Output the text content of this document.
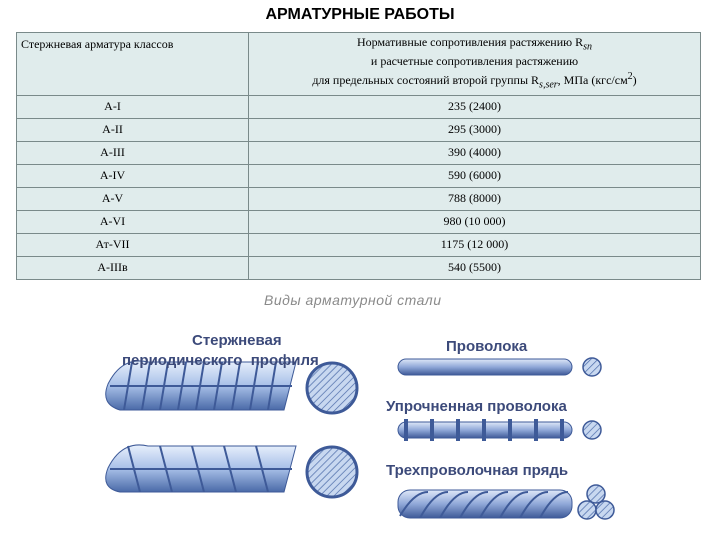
АРМАТУРНЫЕ РАБОТЫ
Стержневая арматура классов	Нормативные сопротивления растяжению $R_{sn}$
и расчетные сопротивления растяжению
для предельных состояний второй группы $R_{s,ser}$, МПа $(кгс/см^2)$
А-I	235 (2400)
А-II	295 (3000)
А-III	390 (4000)
А-IV	590 (6000)
А-V	788 (8000)
А-VI	980 (10 000)
Ат-VII	1175 (12 000)
А-IIIв	540 (5500)
Виды арматурной стали
Стержневая
периодического профиля
Проволока
Упрочненная проволока
Трехпроволочная прядь
